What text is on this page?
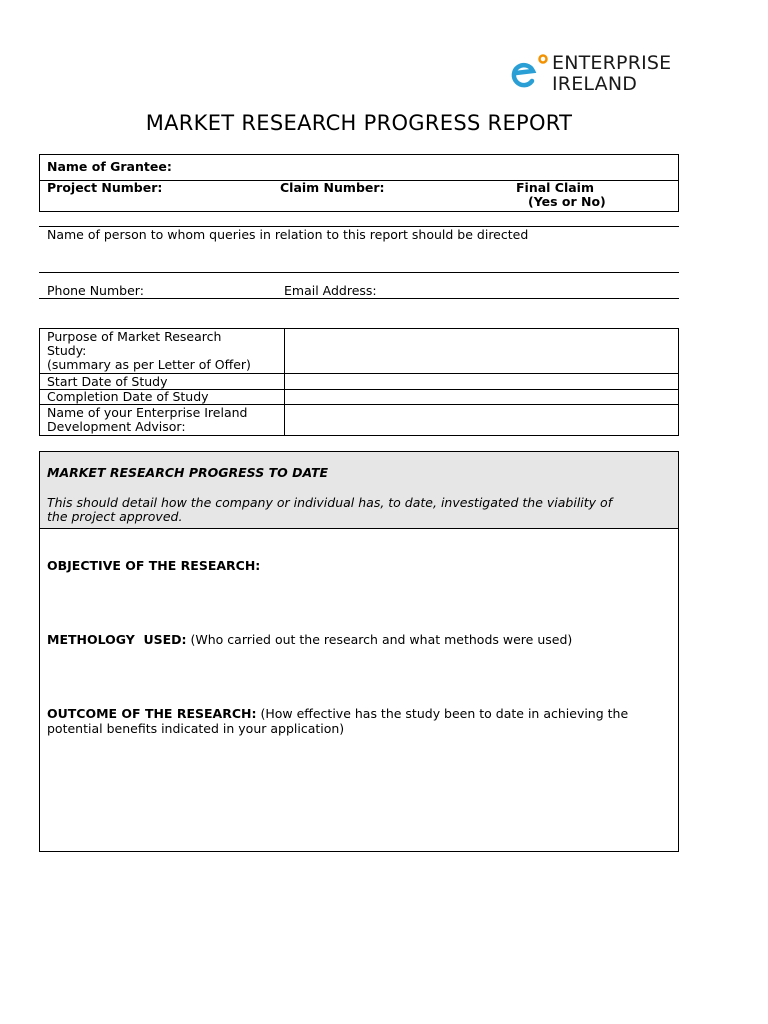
ENTERPRISE
IRELAND
MARKET RESEARCH PROGRESS REPORT
Name of Grantee:
Project Number:	Claim Number:	Final Claim
(Yes or No)
Name of person to whom queries in relation to this report should be directed
Phone Number:	Email Address:
Purpose of Market Research
Study:
(summary as per Letter of Offer)
Start Date of Study
Completion Date of Study
Name of your Enterprise Ireland
Development Advisor:
MARKET RESEARCH PROGRESS TO DATE
This should detail how the company or individual has, to date, investigated the viability of
the project approved.
OBJECTIVE OF THE RESEARCH:
METHOLOGY  USED: (Who carried out the research and what methods were used)
OUTCOME OF THE RESEARCH: (How effective has the study been to date in achieving the
potential benefits indicated in your application)
